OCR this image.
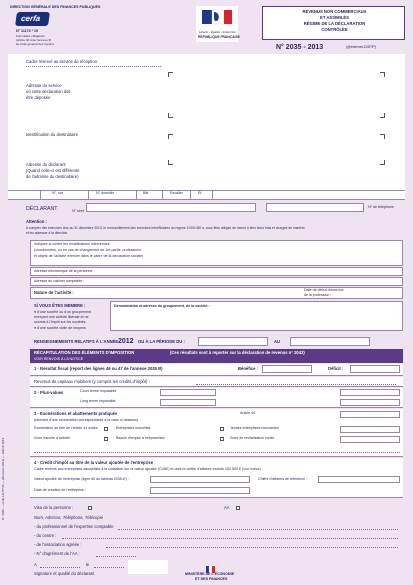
DIRECTION GÉNÉRALE DES FINANCES PUBLIQUES
cerfa
N° 11176 * 15
Formulaire obligatoire
(article 40 A de l'annexe III
au code général des impôts)
Liberté • Égalité • Fraternité
RÉPUBLIQUE FRANÇAISE
REVENUS NON COMMERCIAUX
ET ASSIMILÉS
RÉGIME DE LA DÉCLARATION
CONTRÔLÉE
N° 2035 - 2013	(@internet-DGFiP)
Cadre réservé au service de réception
Adresse du service
où cette déclaration doit
être déposée
Identification du destinataire
Adresse du déclarant
(Quand celle-ci est différente
de l'adresse du destinataire)
N°, rue	N° domicile	Bât	Escalier	Ét.
DÉCLARANT	N° siret
N° de téléphone
Attention :
A compter des exercices clos au 31 décembre 2013, le renouvellement des exercices bénéficiaires au regime 11/09-050 a, vous êtes obligés de mener à bien leurs frais et charges de manière
et les adresser à la direction.
Indiquez ci-contre les modifications intervenues
(coordonnées, ou en cas de changement de 1re partie, professions
et objets de l'activité exercée dans le cadre de la déclaration sociale)
Adresse électronique de la personne :
Adresse du cabinet comptable :
Nature de l'activité :	Date de début d'exercice
de la profession :
Si VOUS ÊTES MEMBRE :
● d'une société ou d'un groupement
exerçant une activité libérale et ne
soumis à l'impôt sur les sociétés
● d'une société civile de moyens
Dénomination et adresse du groupement, de la société :
RENSEIGNEMENTS RELATIFS À L'ANNÉE 2012 OU À LA PÉRIODE DU :	AU
RÉCAPITULATION DES ÉLÉMENTS D'IMPOSITION	(Ces résultats sont à reporter sur la déclaration de revenus n° 2042)
VOIR RENVOIS À LA NOTICE
1 - Résultat fiscal (report des lignes 46 ou 47 de l'annexe 2035 B)	Bénéfice :	Déficit :
Revenus de capitaux mobiliers (y compris les crédits d'impôt) :
2 - Plus-values	Court terme imposable
Long terme imposable
3 - Exonérations et abattements pratiqués
(relevant d'une exonération correspondante à la case ci-dessous)
Article 44
Exonération au titre de l'article 44 octies	Entreprises nouvelles	Jeunes entreprises innovantes
Zone franche d'activité	Bassin d'emploi à redynamiser	Zone de revitalisation rurale
4 - Crédit d'impôt au titre de la valeur ajoutée de l'entreprise
Cadre réservé aux entreprises assujetties à la cotisation sur la valeur ajoutée (CVAE) et dont le chiffre d'affaires excède 152 500 € (voir notice)
Valeur ajoutée de l'entreprise (ligne 50 du tableau 2035-E) :	Chiffre d'affaires de référence :
Date de création de l'entreprise :
Visa de la personne :	AA
Nom, Adresse, Téléphone, Télécopie
- du professionnel de l'expertise comptable
- du centre :
- de l'association agréée :
- N° d'agrément de l'AA :
A	le
Signature et qualité du déclarant	MINISTÈRE DE L'ÉCONOMIE
ET DES FINANCES
N° 2035 — cerfa 11176*15 — (Revision 2013) — DGFiP 2013
